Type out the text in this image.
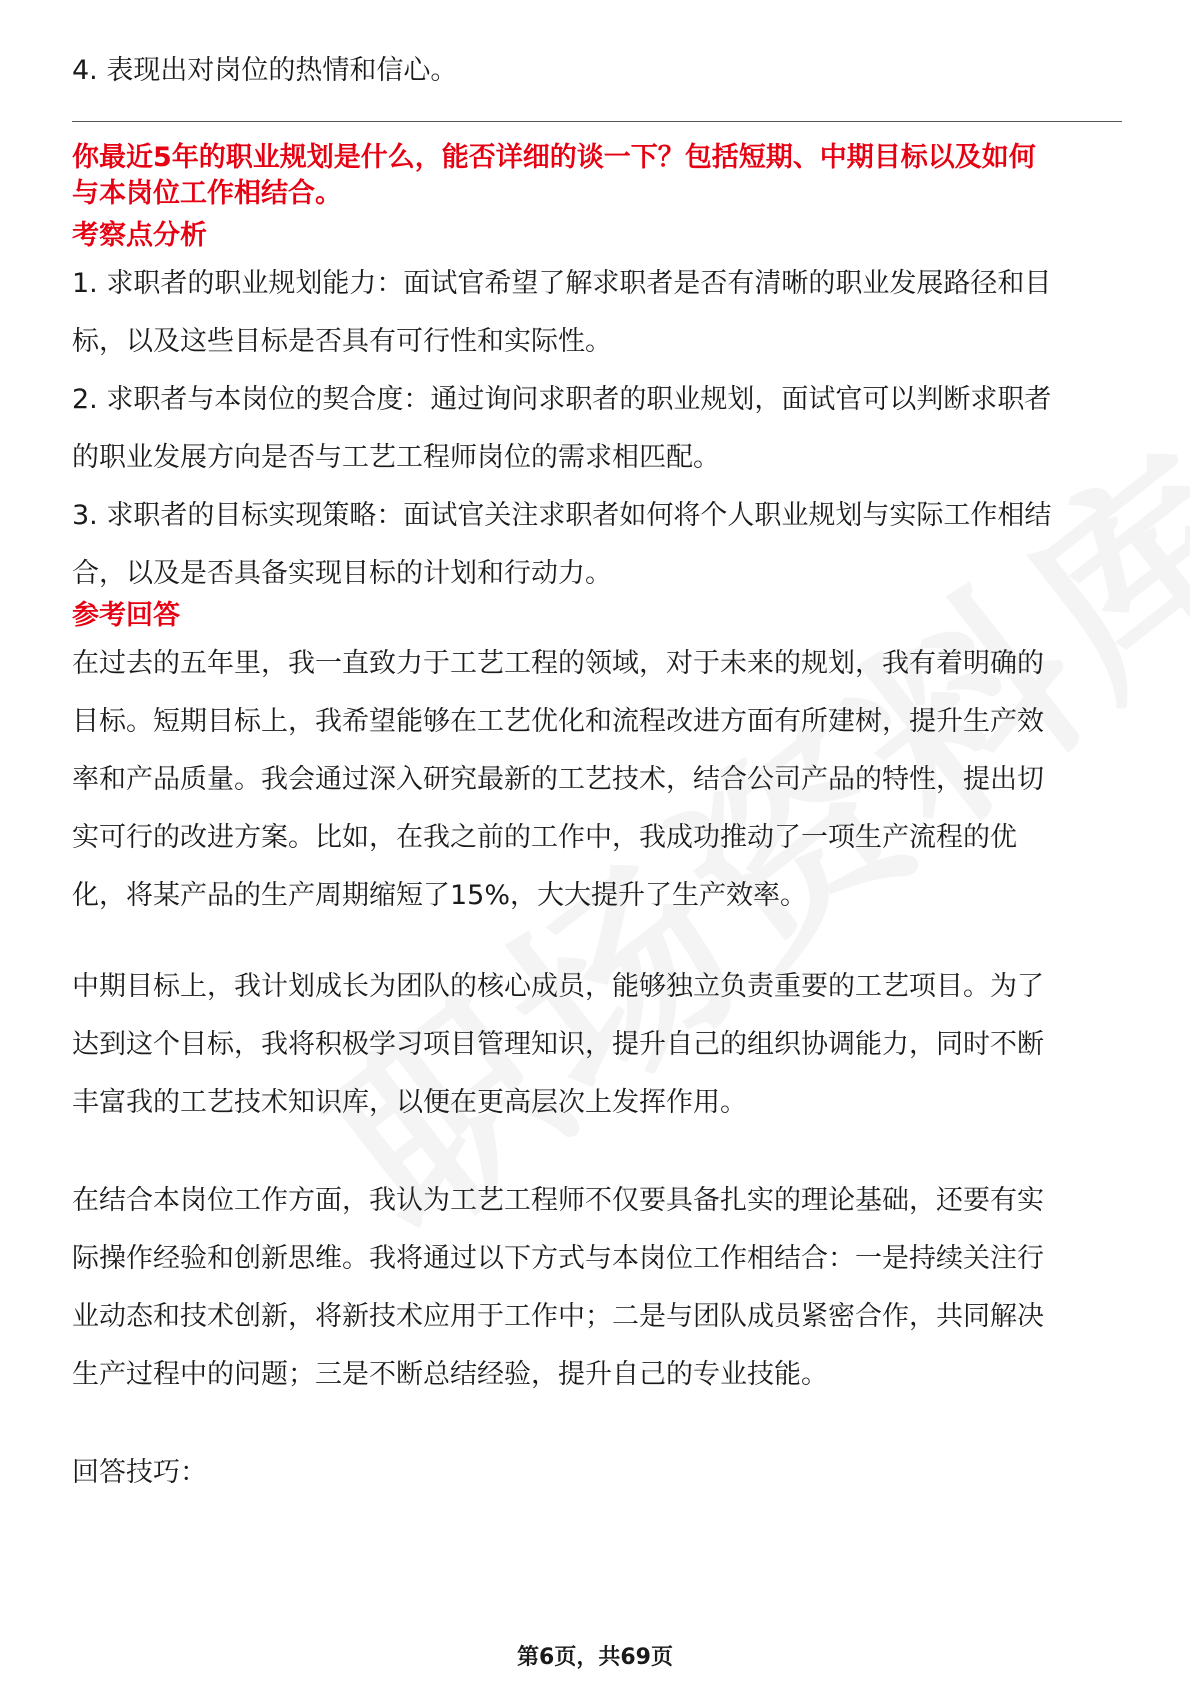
4. 表现出对岗位的热情和信心。

你最近5年的职业规划是什么，能否详细的谈一下？包括短期、中期目标以及如何
与本岗位工作相结合。
考察点分析

1. 求职者的职业规划能力：面试官希望了解求职者是否有清晰的职业发展路径和目

标，以及这些目标是否具有可行性和实际性。

2. 求职者与本岗位的契合度：通过询问求职者的职业规划，面试官可以判断求职者

的职业发展方向是否与工艺工程师岗位的需求相匹配。

3. 求职者的目标实现策略：面试官关注求职者如何将个人职业规划与实际工作相结

合，以及是否具备实现目标的计划和行动力。

参考回答

在过去的五年里，我一直致力于工艺工程的领域，对于未来的规划，我有着明确的

目标。短期目标上，我希望能够在工艺优化和流程改进方面有所建树，提升生产效

率和产品质量。我会通过深入研究最新的工艺技术，结合公司产品的特性，提出切

实可行的改进方案。比如，在我之前的工作中，我成功推动了一项生产流程的优

化，将某产品的生产周期缩短了15%，大大提升了生产效率。

中期目标上，我计划成长为团队的核心成员，能够独立负责重要的工艺项目。为了

达到这个目标，我将积极学习项目管理知识，提升自己的组织协调能力，同时不断

丰富我的工艺技术知识库，以便在更高层次上发挥作用。

在结合本岗位工作方面，我认为工艺工程师不仅要具备扎实的理论基础，还要有实

际操作经验和创新思维。我将通过以下方式与本岗位工作相结合：一是持续关注行

业动态和技术创新，将新技术应用于工作中；二是与团队成员紧密合作，共同解决

生产过程中的问题；三是不断总结经验，提升自己的专业技能。

回答技巧：

第6页，共69页
